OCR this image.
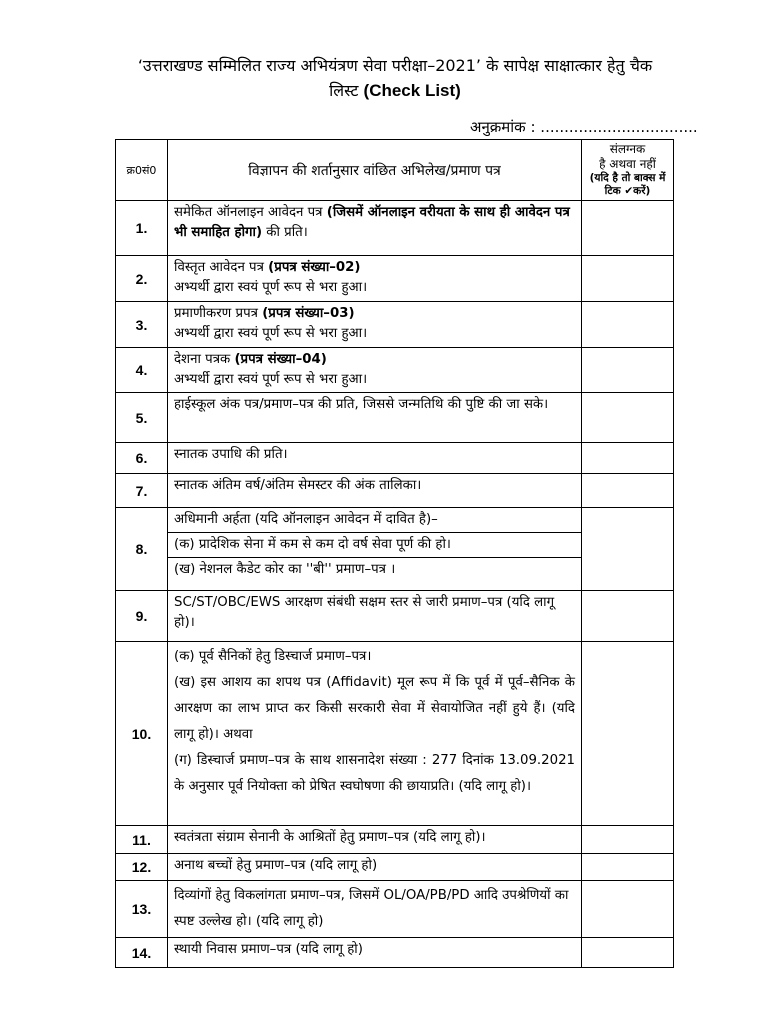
‘उत्तराखण्ड सम्मिलित राज्य अभियंत्रण सेवा परीक्षा–2021’ के सापेक्ष साक्षात्कार हेतु चैक
लिस्ट (Check List)
अनुक्रमांक : .................................
क्र0सं0	विज्ञापन की शर्तानुसार वांछित अभिलेख/प्रमाण पत्र	संलग्नक
है अथवा नहीं
(यदि है तो बाक्स में टिक ✔करें)

1.	समेकित ऑनलाइन आवेदन पत्र (जिसमें ऑनलाइन वरीयता के साथ ही आवेदन पत्र भी समाहित होगा) की प्रति।	
2.	विस्तृत आवेदन पत्र (प्रपत्र संख्या–02)
अभ्यर्थी द्वारा स्वयं पूर्ण रूप से भरा हुआ।	
3.	प्रमाणीकरण प्रपत्र (प्रपत्र संख्या–03)
अभ्यर्थी द्वारा स्वयं पूर्ण रूप से भरा हुआ।	
4.	देशना पत्रक (प्रपत्र संख्या–04)
अभ्यर्थी द्वारा स्वयं पूर्ण रूप से भरा हुआ।	
5.	हाईस्कूल अंक पत्र/प्रमाण–पत्र की प्रति, जिससे जन्मतिथि की पुष्टि की जा सके।	
6.	स्नातक उपाधि की प्रति।	
7.	स्नातक अंतिम वर्ष/अंतिम सेमस्टर की अंक तालिका।	
8.	अधिमानी अर्हता (यदि ऑनलाइन आवेदन में दावित है)–
(क) प्रादेशिक सेना में कम से कम दो वर्ष सेवा पूर्ण की हो।
(ख) नेशनल कैडेट कोर का ''बी'' प्रमाण–पत्र ।	

9.	SC/ST/OBC/EWS आरक्षण संबंधी सक्षम स्तर से जारी प्रमाण–पत्र (यदि लागू हो)।	
10.	(क) पूर्व सैनिकों हेतु डिस्चार्ज प्रमाण–पत्र।
(ख) इस आशय का शपथ पत्र (Affidavit) मूल रूप में कि पूर्व में पूर्व–सैनिक के आरक्षण का लाभ प्राप्त कर किसी सरकारी सेवा में सेवायोजित नहीं हुये हैं। (यदि लागू हो)। अथवा
(ग) डिस्चार्ज प्रमाण–पत्र के साथ शासनादेश संख्या : 277 दिनांक 13.09.2021 के अनुसार पूर्व नियोक्ता को प्रेषित स्वघोषणा की छायाप्रति। (यदि लागू हो)।	

11.	स्वतंत्रता संग्राम सेनानी के आश्रितों हेतु प्रमाण–पत्र (यदि लागू हो)।	
12.	अनाथ बच्चों हेतु प्रमाण–पत्र (यदि लागू हो)	
13.	दिव्यांगों हेतु विकलांगता प्रमाण–पत्र, जिसमें OL/OA/PB/PD आदि उपश्रेणियों का स्पष्ट उल्लेख हो। (यदि लागू हो)	
14.	स्थायी निवास प्रमाण–पत्र (यदि लागू हो)	
